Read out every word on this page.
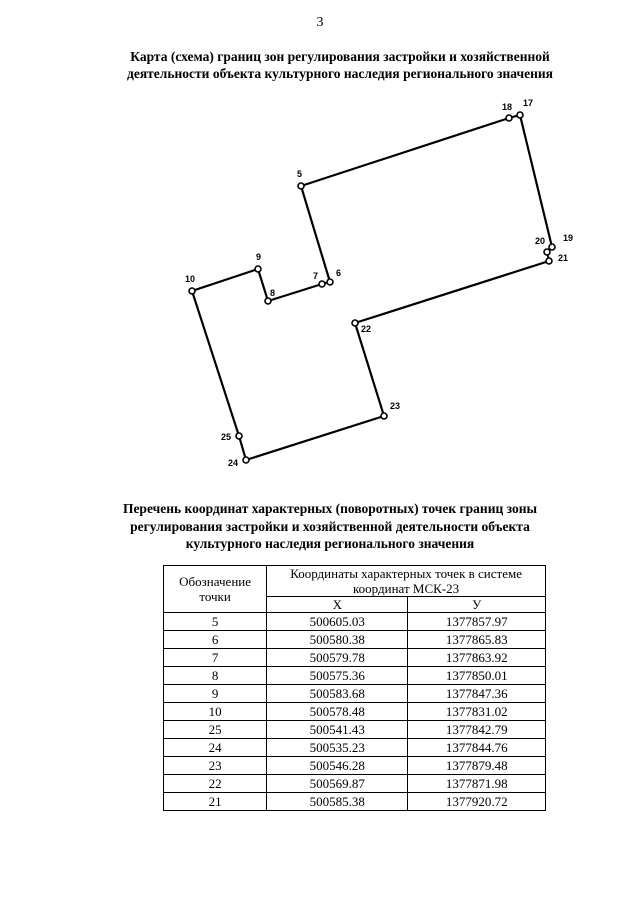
3
Карта (схема) границ зон регулирования застройки и хозяйственной
деятельности объекта культурного наследия регионального значения
17
18
5
9
10
8
7 6
20 19
21
22
23
25
24
Перечень координат характерных (поворотных) точек границ зоны
регулирования застройки и хозяйственной деятельности объекта
культурного наследия регионального значения
Обозначение точки	Координаты характерных точек в системе координат МСК-23	
	X	У
5	500605.03	1377857.97
6	500580.38	1377865.83
7	500579.78	1377863.92
8	500575.36	1377850.01
9	500583.68	1377847.36
10	500578.48	1377831.02
25	500541.43	1377842.79
24	500535.23	1377844.76
23	500546.28	1377879.48
22	500569.87	1377871.98
21	500585.38	1377920.72
